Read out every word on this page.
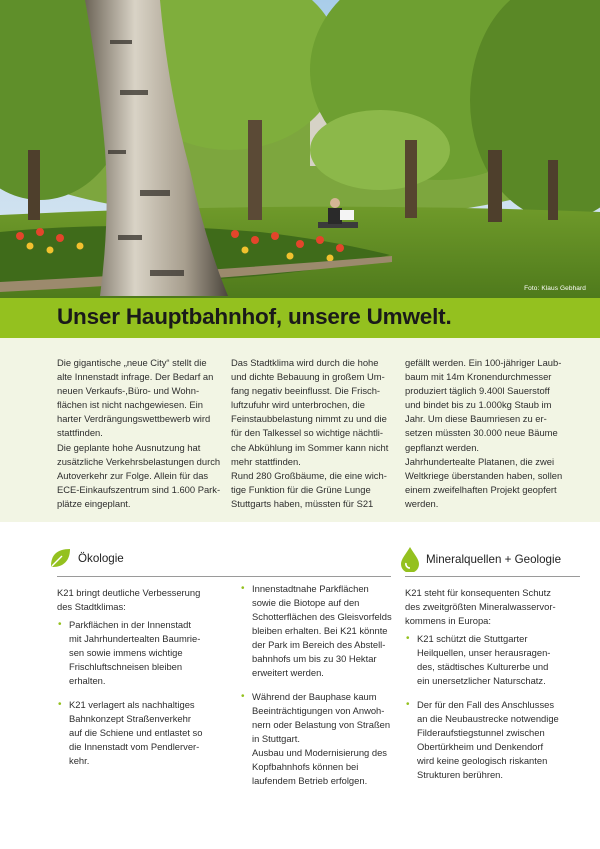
Foto: Klaus Gebhard
Unser Hauptbahnhof, unsere Umwelt.

Die gigantische „neue City“ stellt die
alte Innenstadt infrage. Der Bedarf an
neuen Verkaufs-,Büro- und Wohn-
flächen ist nicht nachgewiesen. Ein
harter Verdrängungswettbewerb wird
stattfinden.

Die geplante hohe Ausnutzung hat
zusätzliche Verkehrsbelastungen durch
Autoverkehr zur Folge. Allein für das
ECE-Einkaufszentrum sind 1.600 Park-
plätze eingeplant.

Das Stadtklima wird durch die hohe
und dichte Bebauung in großem Um-
fang negativ beeinflusst. Die Frisch-
luftzufuhr wird unterbrochen, die
Feinstaubbelastung nimmt zu und die
für den Talkessel so wichtige nächtli-
che Abkühlung im Sommer kann nicht
mehr stattfinden.

Rund 280 Großbäume, die eine wich-
tige Funktion für die Grüne Lunge
Stuttgarts haben, müssten für S21

gefällt werden. Ein 100-jähriger Laub-
baum mit 14m Kronendurchmesser
produziert täglich 9.400l Sauerstoff
und bindet bis zu 1.000kg Staub im
Jahr. Um diese Baumriesen zu er-
setzen müssten 30.000 neue Bäume
gepflanzt werden.

Jahrhundertealte Platanen, die zwei
Weltkriege überstanden haben, sollen
einem zweifelhaften Projekt geopfert
werden.

Ökologie	Mineralquellen + Geologie

K21 bringt deutliche Verbesserung
des Stadtklimas:

• Parkflächen in der Innenstadt
mit Jahrhundertealten Baumrie-
sen sowie immens wichtige
Frischluftschneisen bleiben
erhalten.
• K21 verlagert als nachhaltiges
Bahnkonzept Straßenverkehr
auf die Schiene und entlastet so
die Innenstadt vom Pendlerver-
kehr.
• Innenstadtnahe Parkflächen
sowie die Biotope auf den
Schotterflächen des Gleisvorfelds
bleiben erhalten. Bei K21 könnte
der Park im Bereich des Abstell-
bahnhofs um bis zu 30 Hektar
erweitert werden.
• Während der Bauphase kaum
Beeinträchtigungen von Anwoh-
nern oder Belastung von Straßen
in Stuttgart.
Ausbau und Modernisierung des
Kopfbahnhofs können bei
laufendem Betrieb erfolgen.

K21 steht für konsequenten Schutz
des zweitgrößten Mineralwasservor-
kommens in Europa:

• K21 schützt die Stuttgarter
Heilquellen, unser herausragen-
des, städtisches Kulturerbe und
ein unersetzlicher Naturschatz.
• Der für den Fall des Anschlusses
an die Neubaustrecke notwendige
Filderaufstiegstunnel zwischen
Obertürkheim und Denkendorf
wird keine geologisch riskanten
Strukturen berühren.
